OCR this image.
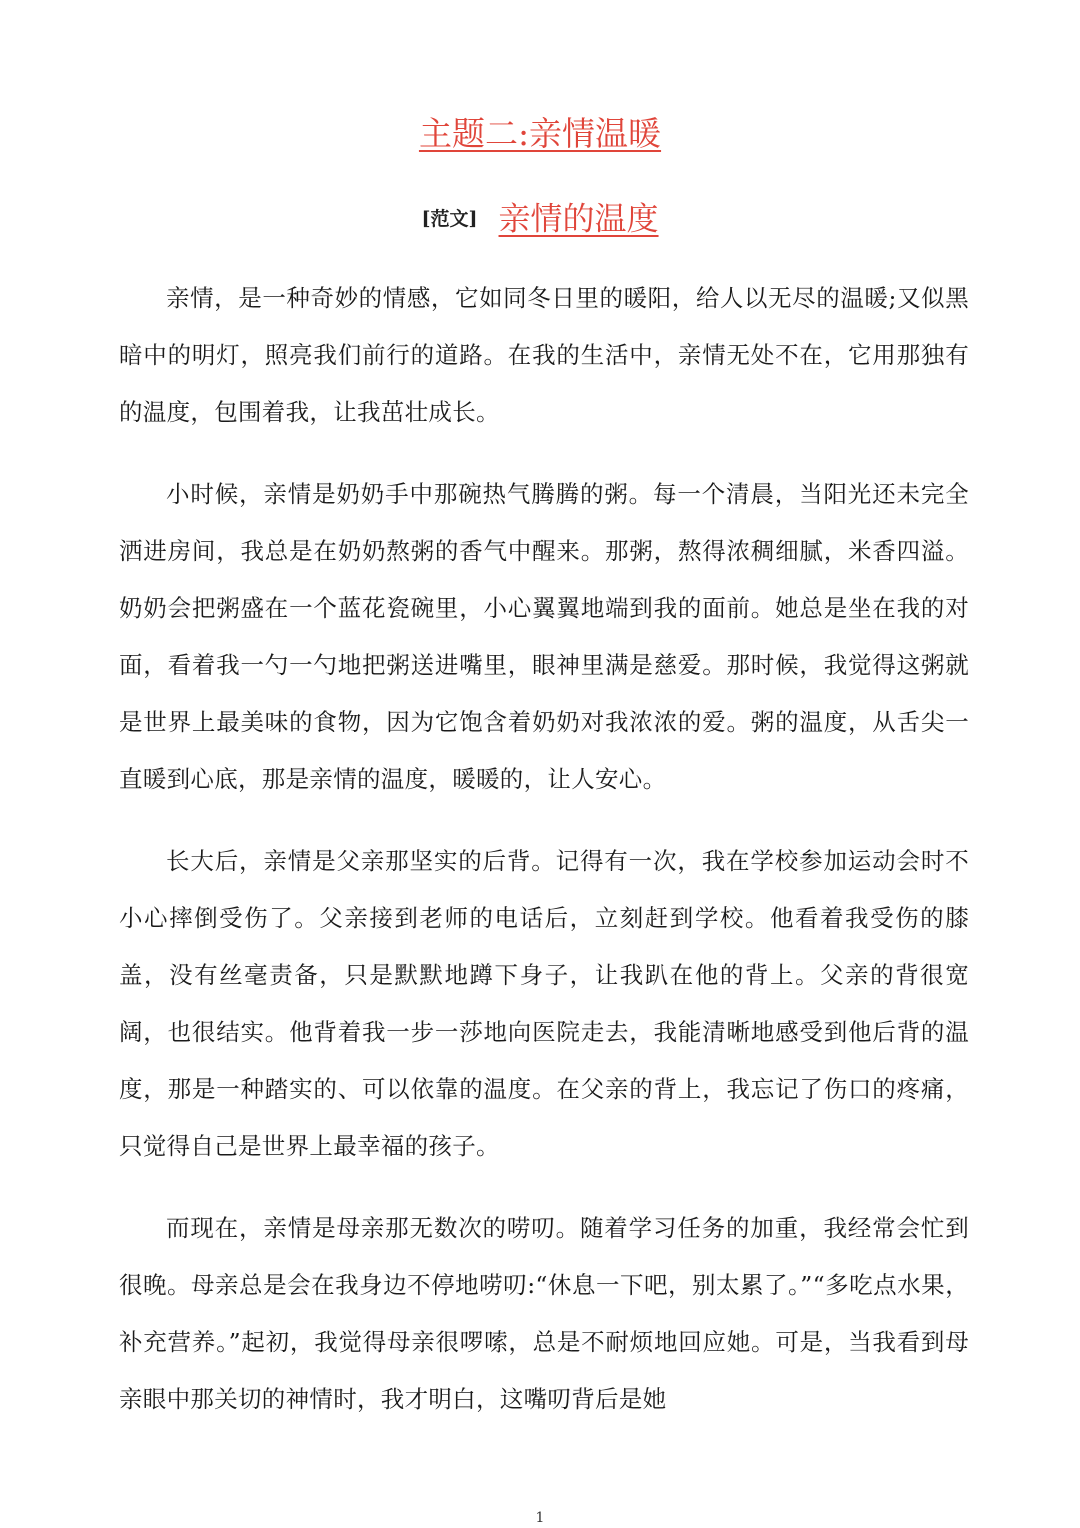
主题二:亲情温暖
[范文] 亲情的温度

亲情，是一种奇妙的情感，它如同冬日里的暖阳，给人以无尽的温暖;又似黑暗中的明灯，照亮我们前行的道路。在我的生活中，亲情无处不在，它用那独有的温度，包围着我，让我茁壮成长。

小时候，亲情是奶奶手中那碗热气腾腾的粥。每一个清晨，当阳光还未完全洒进房间，我总是在奶奶熬粥的香气中醒来。那粥，熬得浓稠细腻，米香四溢。奶奶会把粥盛在一个蓝花瓷碗里，小心翼翼地端到我的面前。她总是坐在我的对面，看着我一勺一勺地把粥送进嘴里，眼神里满是慈爱。那时候，我觉得这粥就是世界上最美味的食物，因为它饱含着奶奶对我浓浓的爱。粥的温度，从舌尖一直暖到心底，那是亲情的温度，暖暖的，让人安心。

长大后，亲情是父亲那坚实的后背。记得有一次，我在学校参加运动会时不小心摔倒受伤了。父亲接到老师的电话后，立刻赶到学校。他看着我受伤的膝盖，没有丝毫责备，只是默默地蹲下身子，让我趴在他的背上。父亲的背很宽阔，也很结实。他背着我一步一莎地向医院走去，我能清晰地感受到他后背的温度，那是一种踏实的、可以依靠的温度。在父亲的背上，我忘记了伤口的疼痛，只觉得自己是世界上最幸福的孩子。

而现在，亲情是母亲那无数次的唠叨。随着学习任务的加重，我经常会忙到很晚。母亲总是会在我身边不停地唠叨:“休息一下吧，别太累了。”“多吃点水果，补充营养。”起初，我觉得母亲很啰嗦，总是不耐烦地回应她。可是，当我看到母亲眼中那关切的神情时，我才明白，这嘴叨背后是她

1
